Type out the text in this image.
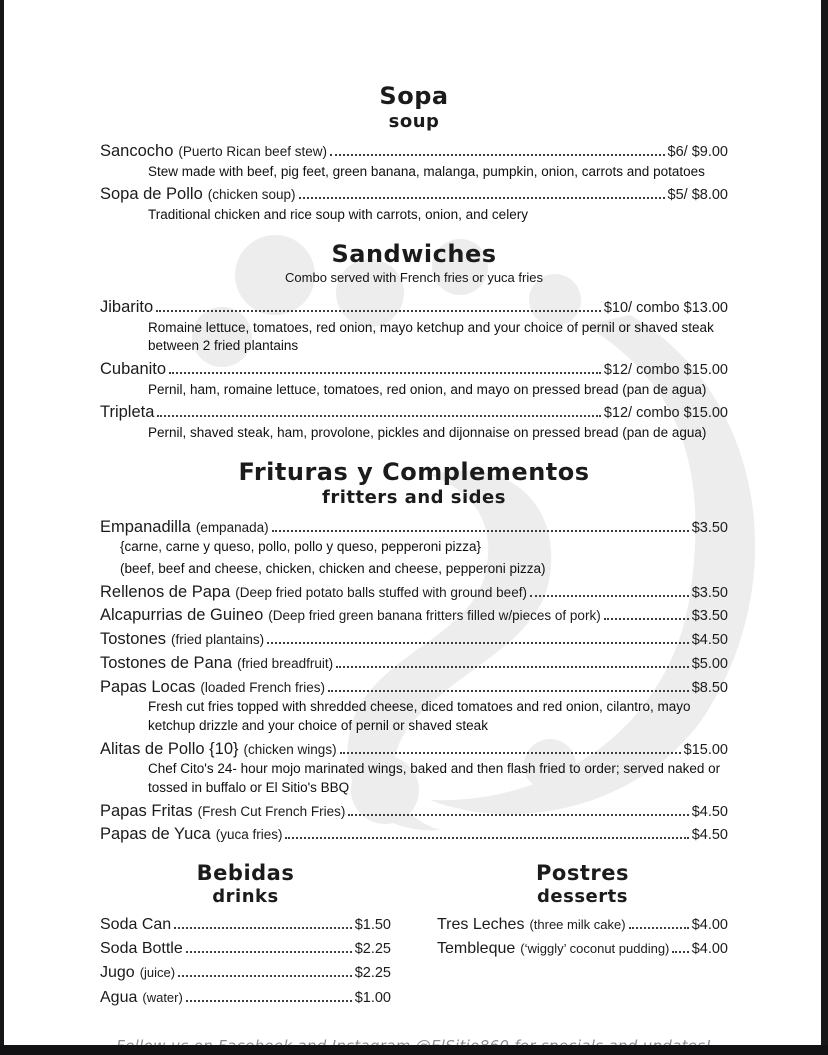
Sopa
soup
Sancocho (Puerto Rican beef stew)	$6/ $9.00
Stew made with beef, pig feet, green banana, malanga, pumpkin, onion, carrots and potatoes
Sopa de Pollo (chicken soup)	$5/ $8.00
Traditional chicken and rice soup with carrots, onion, and celery
Sandwiches
Combo served with French fries or yuca fries
Jibarito	$10/ combo $13.00
Romaine lettuce, tomatoes, red onion, mayo ketchup and your choice of pernil or shaved steak between 2 fried plantains
Cubanito	$12/ combo $15.00
Pernil, ham, romaine lettuce, tomatoes, red onion, and mayo on pressed bread (pan de agua)
Tripleta	$12/ combo $15.00
Pernil, shaved steak, ham, provolone, pickles and dijonnaise on pressed bread (pan de agua)
Frituras y Complementos
fritters and sides
Empanadilla (empanada)	$3.50
{carne, carne y queso, pollo, pollo y queso, pepperoni pizza}
(beef, beef and cheese, chicken, chicken and cheese, pepperoni pizza)
Rellenos de Papa (Deep fried potato balls stuffed with ground beef)	$3.50
Alcapurrias de Guineo (Deep fried green banana fritters filled w/pieces of pork)	$3.50
Tostones (fried plantains)	$4.50
Tostones de Pana (fried breadfruit)	$5.00
Papas Locas (loaded French fries)	$8.50
Fresh cut fries topped with shredded cheese, diced tomatoes and red onion, cilantro, mayo ketchup drizzle and your choice of pernil or shaved steak
Alitas de Pollo {10} (chicken wings)	$15.00
Chef Cito's 24- hour mojo marinated wings, baked and then flash fried to order; served naked or tossed in buffalo or El Sitio's BBQ
Papas Fritas (Fresh Cut French Fries)	$4.50
Papas de Yuca (yuca fries)	$4.50
Bebidas
drinks
Soda Can	$1.50
Soda Bottle	$2.25
Jugo (juice)	$2.25
Agua (water)	$1.00
Postres
desserts
Tres Leches (three milk cake)	$4.00
Tembleque (‘wiggly’ coconut pudding) $4.00
